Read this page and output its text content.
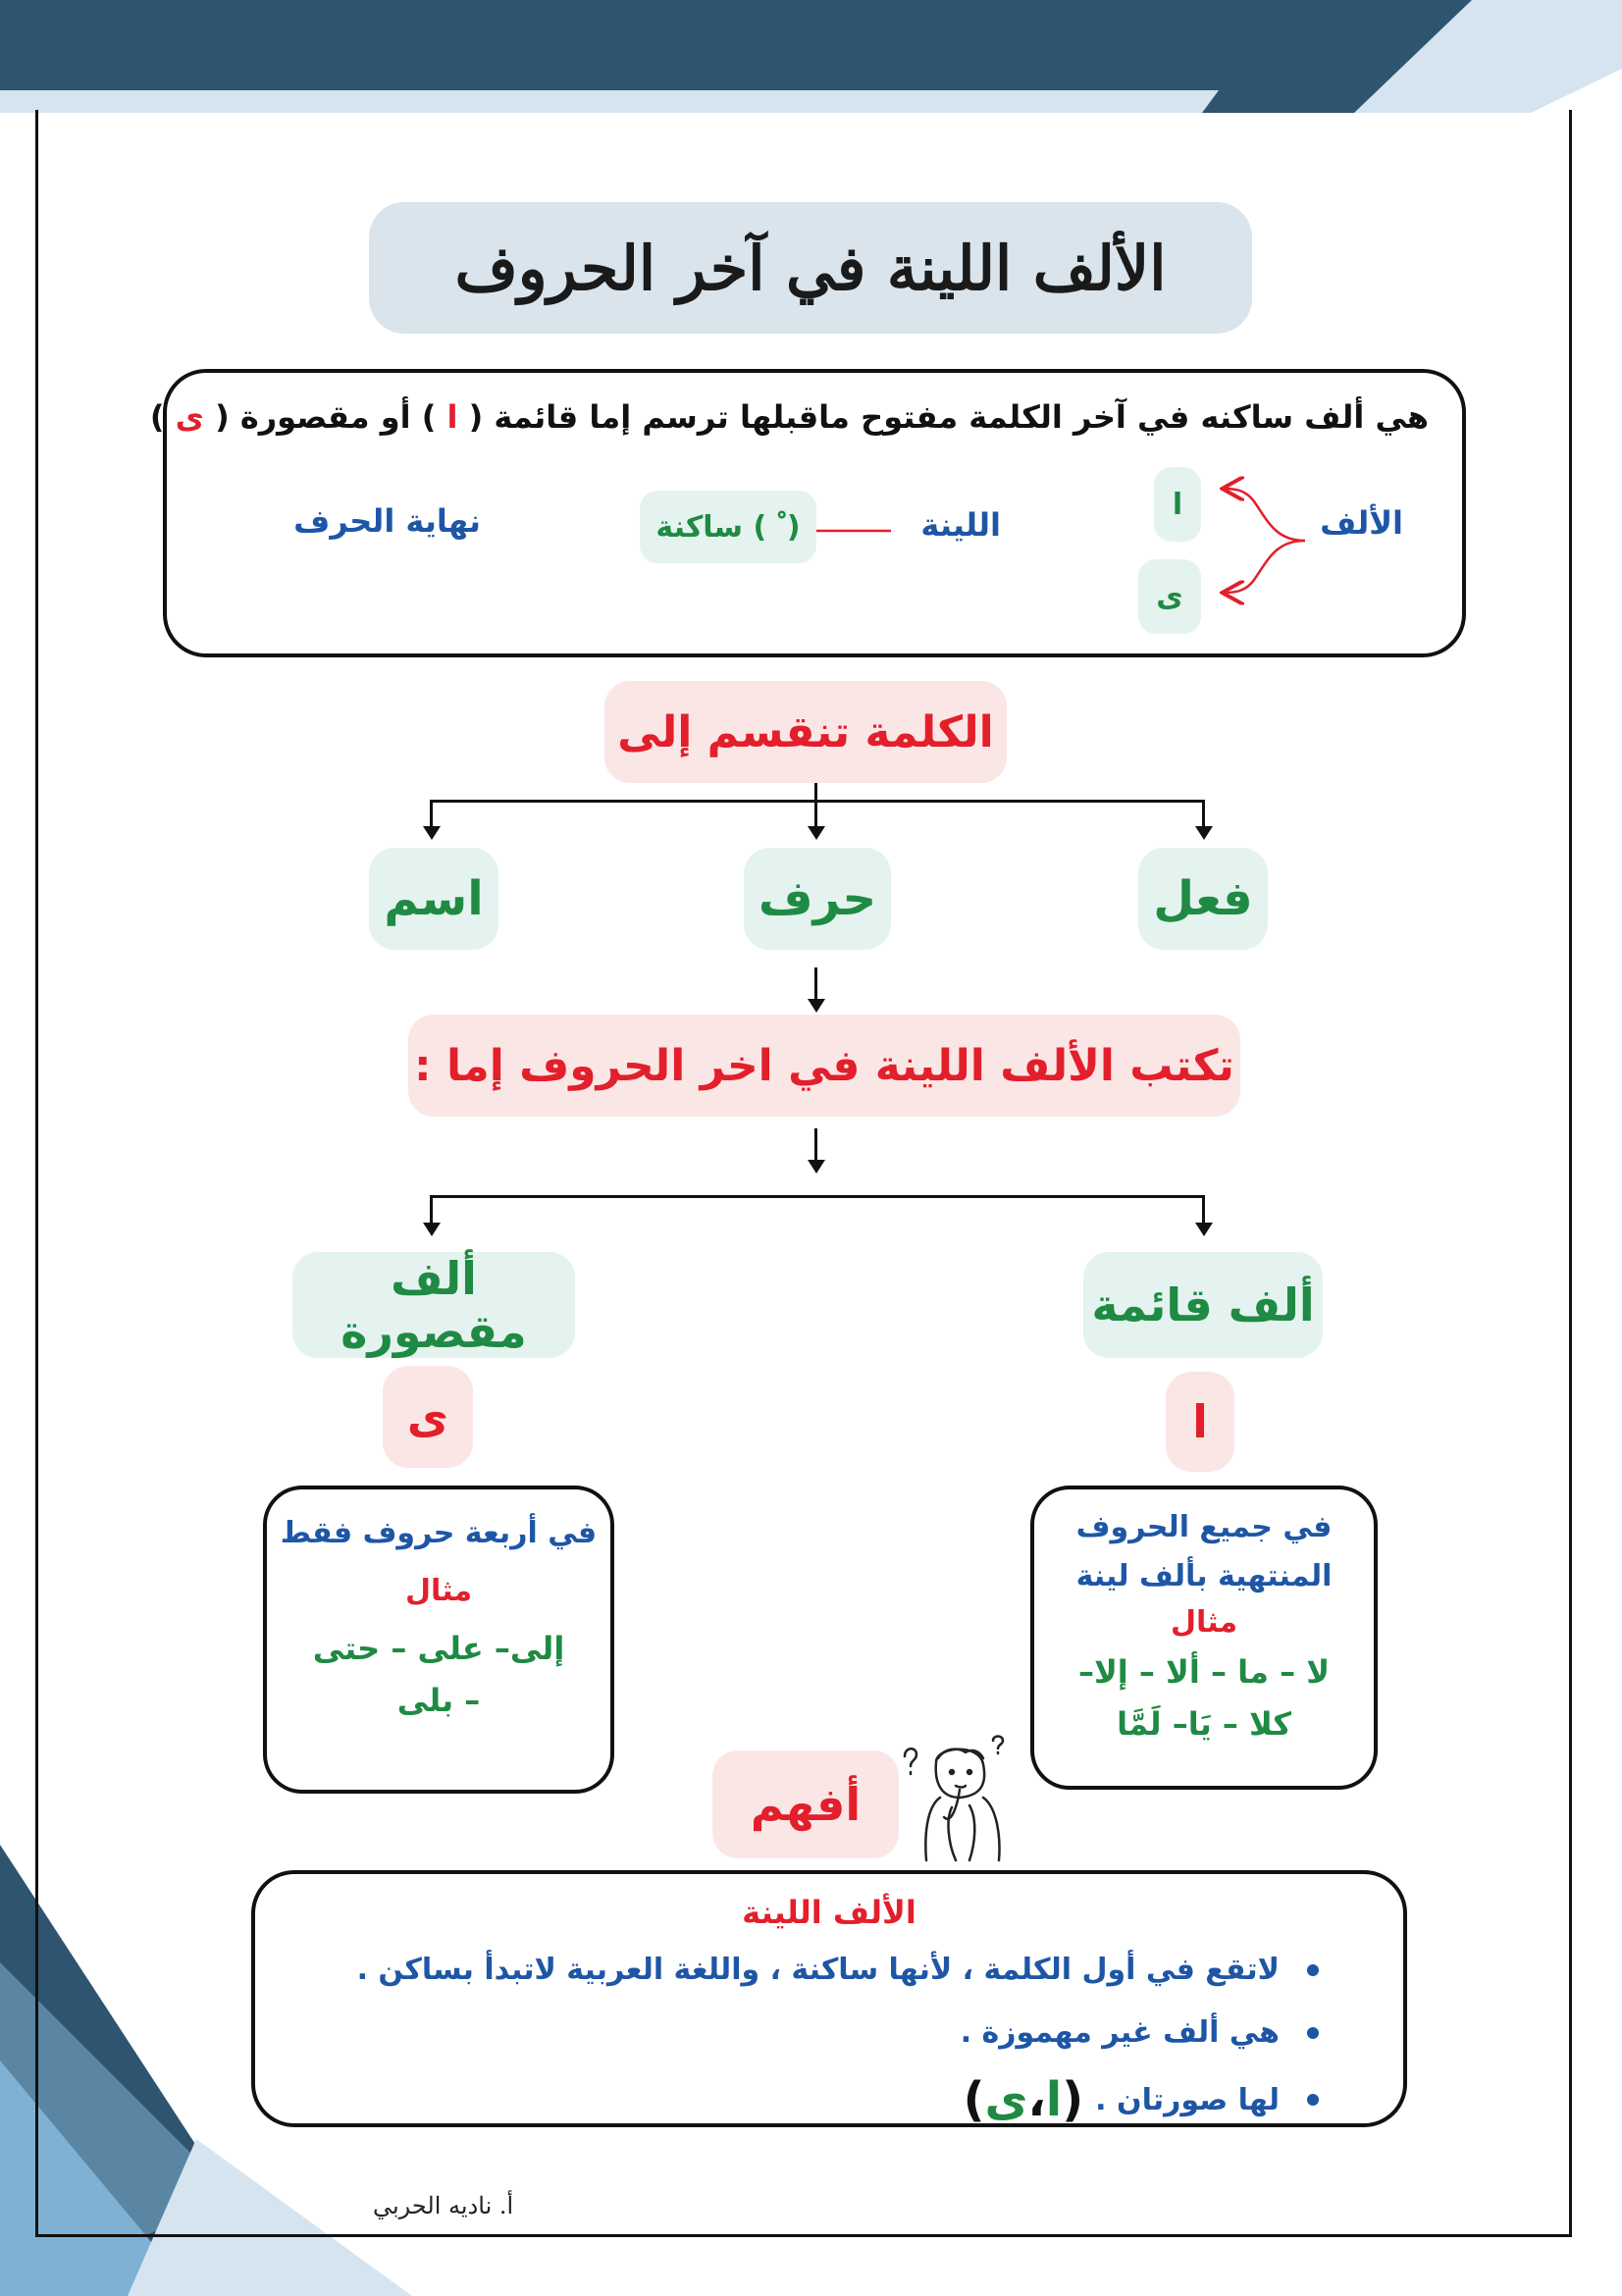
الألف اللينة في آخر الحروف
هي ألف ساكنه في آخر الكلمة مفتوح ماقبلها ترسم إما قائمة ( ا ) أو مقصورة ( ى )
الألف
ا
ى
اللينة
( ْ ) ساكنة
نهاية الحرف
الكلمة تنقسم إلى
فعل
حرف
اسم
تكتب الألف اللينة في اخر الحروف إما :
ألف قائمة
ا
في جميع الحروف المنتهية بألف لينة
مثال
لا – ما – ألا – إلا–
كلا – يَا– لَمَّا
ألف مقصورة
ى
في أربعة حروف فقط
مثال
إلى– على – حتى
– بلى
أفهم
الألف اللينة
لاتقع في أول الكلمة ، لأنها ساكنة ، واللغة العربية لاتبدأ بساكن .
هي ألف غير مهموزة .
لها صورتان .
(ا،ى)
أ. ناديه الحربي
